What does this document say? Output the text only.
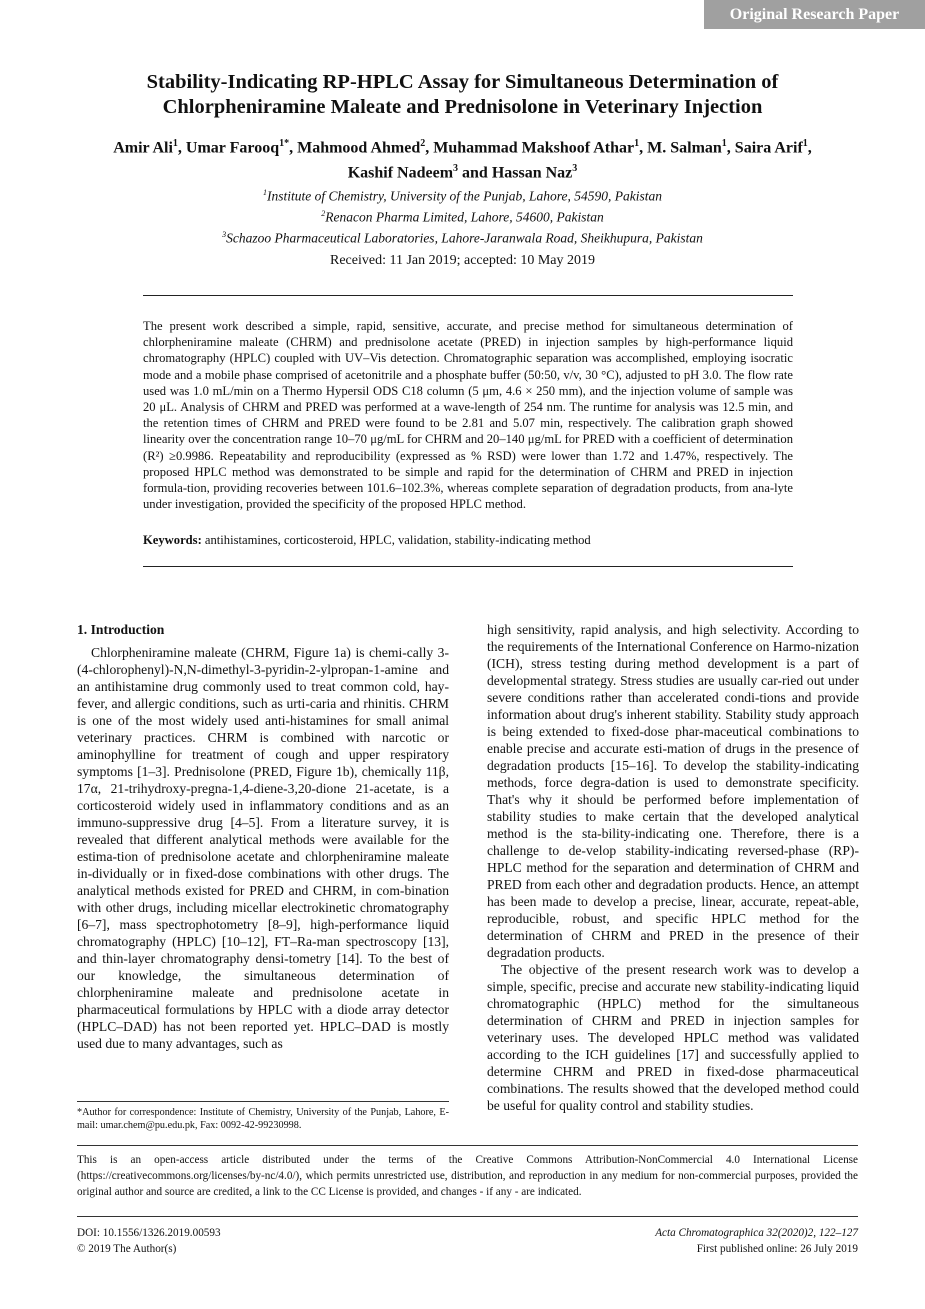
Original Research Paper
Stability-Indicating RP-HPLC Assay for Simultaneous Determination of
Chlorpheniramine Maleate and Prednisolone in Veterinary Injection
Amir Ali$^1$, Umar Farooq$^{1*}$, Mahmood Ahmed$^2$, Muhammad Makshoof Athar$^1$, M. Salman$^1$, Saira Arif$^1$,
Kashif Nadeem$^3$ and Hassan Naz$^3$
$^1$Institute of Chemistry, University of the Punjab, Lahore, 54590, Pakistan
$^2$Renacon Pharma Limited, Lahore, 54600, Pakistan
$^3$Schazoo Pharmaceutical Laboratories, Lahore-Jaranwala Road, Sheikhupura, Pakistan
Received: 11 Jan 2019; accepted: 10 May 2019
The present work described a simple, rapid, sensitive, accurate, and precise method for simultaneous determination of chlorpheniramine maleate (CHRM) and prednisolone acetate (PRED) in injection samples by high-performance liquid chromatography (HPLC) coupled with UV–Vis detection. Chromatographic separation was accomplished, employing isocratic mode and a mobile phase comprised of acetonitrile and a phosphate buffer (50:50, v/v, 30 °C), adjusted to pH 3.0. The flow rate used was 1.0 mL/min on a Thermo Hypersil ODS C18 column (5 μm, 4.6 × 250 mm), and the injection volume of sample was 20 μL. Analysis of CHRM and PRED was performed at a wave-length of 254 nm. The runtime for analysis was 12.5 min, and the retention times of CHRM and PRED were found to be 2.81 and 5.07 min, respectively. The calibration graph showed linearity over the concentration range 10–70 μg/mL for CHRM and 20–140 μg/mL for PRED with a coefficient of determination (R²) ≥0.9986. Repeatability and reproducibility (expressed as % RSD) were lower than 1.72 and 1.47%, respectively. The proposed HPLC method was demonstrated to be simple and rapid for the determination of CHRM and PRED in injection formula-tion, providing recoveries between 101.6–102.3%, whereas complete separation of degradation products, from ana-lyte under investigation, provided the specificity of the proposed HPLC method.
Keywords: antihistamines, corticosteroid, HPLC, validation, stability-indicating method
1. Introduction

Chlorpheniramine maleate (CHRM, Figure 1a) is chemi-cally 3-(4-chlorophenyl)-N,N-dimethyl-3-pyridin-2-ylpropan-1-amine and an antihistamine drug commonly used to treat common cold, hay-fever, and allergic conditions, such as urti-caria and rhinitis. CHRM is one of the most widely used anti-histamines for small animal veterinary practices. CHRM is combined with narcotic or aminophylline for treatment of cough and upper respiratory symptoms [1–3]. Prednisolone (PRED, Figure 1b), chemically 11β, 17α, 21-trihydroxy-pregna-1,4-diene-3,20-dione 21-acetate, is a corticosteroid widely used in inflammatory conditions and as an immuno-suppressive drug [4–5]. From a literature survey, it is revealed that different analytical methods were available for the estima-tion of prednisolone acetate and chlorpheniramine maleate in-dividually or in fixed-dose combinations with other drugs. The analytical methods existed for PRED and CHRM, in com-bination with other drugs, including micellar electrokinetic chromatography [6–7], mass spectrophotometry [8–9], high-performance liquid chromatography (HPLC) [10–12], FT–Ra-man spectroscopy [13], and thin-layer chromatography densi-tometry [14]. To the best of our knowledge, the simultaneous determination of chlorpheniramine maleate and prednisolone acetate in pharmaceutical formulations by HPLC with a diode array detector (HPLC–DAD) has not been reported yet. HPLC–DAD is mostly used due to many advantages, such as

high sensitivity, rapid analysis, and high selectivity. According to the requirements of the International Conference on Harmo-nization (ICH), stress testing during method development is a part of developmental strategy. Stress studies are usually car-ried out under severe conditions rather than accelerated condi-tions and provide information about drug's inherent stability. Stability study approach is being extended to fixed-dose phar-maceutical combinations to enable precise and accurate esti-mation of drugs in the presence of degradation products [15–16]. To develop the stability-indicating methods, force degra-dation is used to demonstrate specificity. That's why it should be performed before implementation of stability studies to make certain that the developed analytical method is the sta-bility-indicating one. Therefore, there is a challenge to de-velop stability-indicating reversed-phase (RP)-HPLC method for the separation and determination of CHRM and PRED from each other and degradation products. Hence, an attempt has been made to develop a precise, linear, accurate, repeat-able, reproducible, robust, and specific HPLC method for the determination of CHRM and PRED in the presence of their degradation products.

The objective of the present research work was to develop a simple, specific, precise and accurate new stability-indicating liquid chromatographic (HPLC) method for the simultaneous determination of CHRM and PRED in injection samples for veterinary uses. The developed HPLC method was validated according to the ICH guidelines [17] and successfully applied to determine CHRM and PRED in fixed-dose pharmaceutical combinations. The results showed that the developed method could be useful for quality control and stability studies.

*Author for correspondence: Institute of Chemistry, University of the Punjab, Lahore, E-mail: umar.chem@pu.edu.pk, Fax: 0092-42-99230998.
This is an open-access article distributed under the terms of the Creative Commons Attribution-NonCommercial 4.0 International License (https://creativecommons.org/licenses/by-nc/4.0/), which permits unrestricted use, distribution, and reproduction in any medium for non-commercial purposes, provided the original author and source are credited, a link to the CC License is provided, and changes - if any - are indicated.
DOI: 10.1556/1326.2019.00593
© 2019 The Author(s)
Acta Chromatographica 32(2020)2, 122–127
First published online: 26 July 2019
